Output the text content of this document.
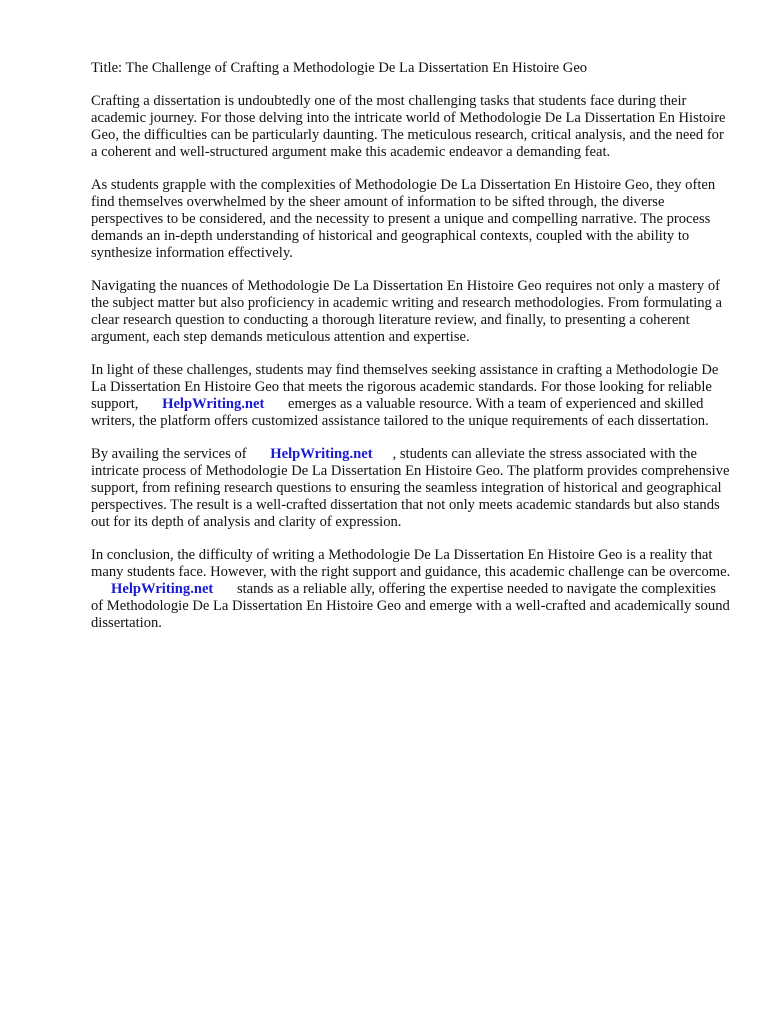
Title: The Challenge of Crafting a Methodologie De La Dissertation En Histoire Geo

Crafting a dissertation is undoubtedly one of the most challenging tasks that students face during their academic journey. For those delving into the intricate world of Methodologie De La Dissertation En Histoire Geo, the difficulties can be particularly daunting. The meticulous research, critical analysis, and the need for a coherent and well-structured argument make this academic endeavor a demanding feat.

As students grapple with the complexities of Methodologie De La Dissertation En Histoire Geo, they often find themselves overwhelmed by the sheer amount of information to be sifted through, the diverse perspectives to be considered, and the necessity to present a unique and compelling narrative. The process demands an in-depth understanding of historical and geographical contexts, coupled with the ability to synthesize information effectively.

Navigating the nuances of Methodologie De La Dissertation En Histoire Geo requires not only a mastery of the subject matter but also proficiency in academic writing and research methodologies. From formulating a clear research question to conducting a thorough literature review, and finally, to presenting a coherent argument, each step demands meticulous attention and expertise.

In light of these challenges, students may find themselves seeking assistance in crafting a Methodologie De La Dissertation En Histoire Geo that meets the rigorous academic standards. For those looking for reliable support, HelpWriting.net emerges as a valuable resource. With a team of experienced and skilled writers, the platform offers customized assistance tailored to the unique requirements of each dissertation.

By availing the services of HelpWriting.net , students can alleviate the stress associated with the intricate process of Methodologie De La Dissertation En Histoire Geo. The platform provides comprehensive support, from refining research questions to ensuring the seamless integration of historical and geographical perspectives. The result is a well-crafted dissertation that not only meets academic standards but also stands out for its depth of analysis and clarity of expression.

In conclusion, the difficulty of writing a Methodologie De La Dissertation En Histoire Geo is a reality that many students face. However, with the right support and guidance, this academic challenge can be overcome. HelpWriting.net stands as a reliable ally, offering the expertise needed to navigate the complexities of Methodologie De La Dissertation En Histoire Geo and emerge with a well-crafted and academically sound dissertation.
